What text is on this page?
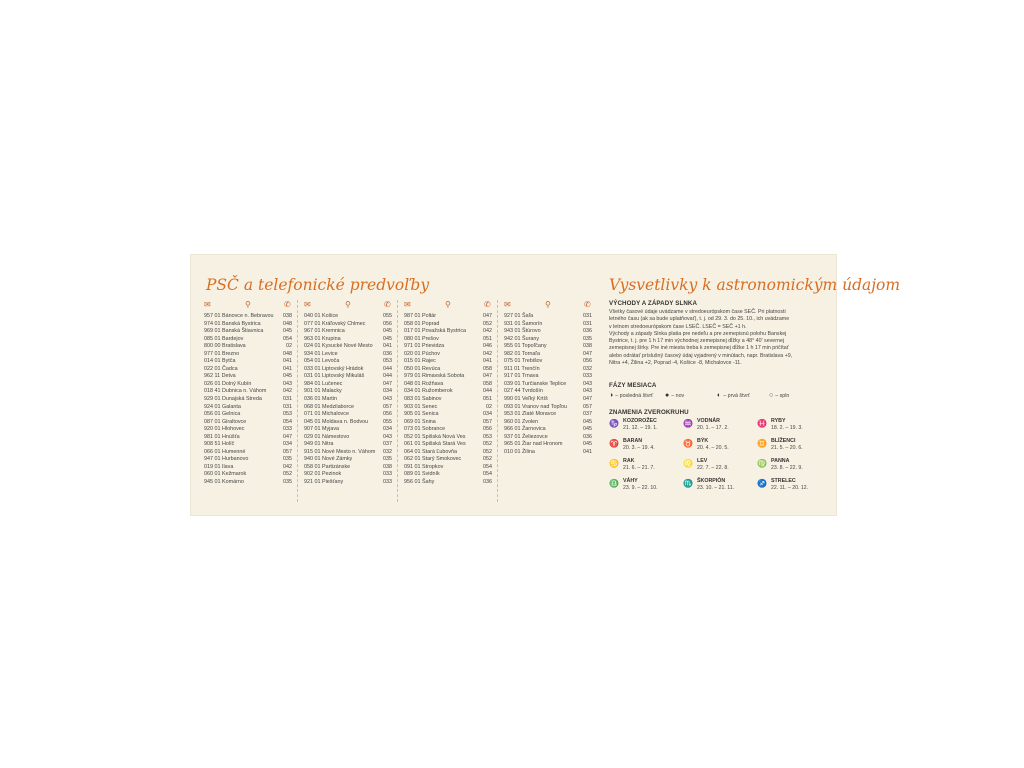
PSČ a telefonické predvoľby
✉	⚲	✆
957 01 Bánovce n. Bebravou 038
974 01 Banská Bystrica	048
969 01 Banská Štiavnica	045
085 01 Bardejov	054
800 00 Bratislava	02
977 01 Brezno	048
014 01 Bytča	041
022 01 Čadca	041
962 11 Detva	045
026 01 Dolný Kubín	043
018 41 Dubnica n. Váhom	042
929 01 Dunajská Streda	031
924 01 Galanta	031
056 01 Gelnica	053
087 01 Giraltovce	054
920 01 Hlohovec	033
981 01 Hnúšťa	047
908 51 Holíč	034
066 01 Humenné	057
947 01 Hurbanovo	035
019 01 Ilava	042
060 01 Kežmarok	052
945 01 Komárno	035
✉	⚲	✆
040 01 Košice	055
077 01 Kráľovský Chlmec	056
967 01 Kremnica	045
963 01 Krupina	045
024 01 Kysucké Nové Mesto 041
934 01 Levice	036
054 01 Levoča	053
033 01 Liptovský Hrádok	044
031 01 Liptovský Mikuláš	044
984 01 Lučenec	047
901 01 Malacky	034
036 01 Martin	043
068 01 Medzilaborce	057
071 01 Michalovce	056
045 01 Moldava n. Bodvou	055
907 01 Myjava	034
029 01 Námestovo	043
949 01 Nitra	037
915 01 Nové Mesto n. Váhom 032
940 01 Nové Zámky	035
058 01 Partizánske	038
902 01 Pezinok	033
921 01 Piešťany	033
✉	⚲	✆
987 01 Poltár	047
058 01 Poprad	052
017 01 Považská Bystrica	042
080 01 Prešov	051
971 01 Prievidza	046
020 01 Púchov	042
015 01 Rajec	041
050 01 Revúca	058
979 01 Rimavská Sobota	047
048 01 Rožňava	058
034 01 Ružomberok	044
083 01 Sabinov	051
903 01 Senec	02
905 01 Senica	034
069 01 Snina	057
073 01 Sobrance	056
052 01 Spišská Nová Ves	053
061 01 Spišská Stará Ves	052
064 01 Stará Ľubovňa	052
062 01 Starý Smokovec	052
091 01 Stropkov	054
089 01 Svidník	054
956 01 Šahy	036
✉	⚲	✆
927 01 Šaľa	031
931 01 Šamorín	031
943 01 Štúrovo	036
942 01 Šurany	035
955 01 Topoľčany	038
982 01 Tornaľa	047
075 01 Trebišov	056
911 01 Trenčín	032
917 01 Trnava	033
039 01 Turčianske Teplice	043
027 44 Tvrdošín	043
990 01 Veľký Krtíš	047
093 01 Vranov nad Topľou	057
953 01 Zlaté Moravce	037
960 01 Zvolen	045
966 01 Žarnovica	045
937 01 Želiezovce	036
965 01 Žiar nad Hronom	045
010 01 Žilina	041
Vysvetlivky k astronomickým údajom
VÝCHODY A ZÁPADY SLNKA

Všetky časové údaje uvádzame v stredoeurópskom čase SEČ. Pri platnosti

letného času (ak sa bude uplatňovať), t. j. od 29. 3. do 25. 10., ich uvádzame

v letnom stredoeurópskom čase LSEČ. LSEČ = SEČ +1 h.

Východy a západy Slnka platia pre nedeľu a pre zemepisnú polohu Banskej

Bystrice, t. j. pre 1 h 17 min východnej zemepisnej dĺžky a 48° 40' severnej

zemepisnej šírky. Pre iné miesta treba k zemepisnej dĺžke 1 h 17 min pričítať

alebo odrátať príslušný časový údaj vyjadrený v minútach, napr. Bratislava +9,

Nitra +4, Žilina +2, Poprad -4, Košice -8, Michalovce -11.

FÁZY MESIACA
◑ – posledná štvrť ● – nov	◐ – prvá štvrť	○ – spln
ZNAMENIA ZVEROKRUHU
♑ KOZOROŽEC
21. 12. – 19. 1.	♒ VODNÁR
20. 1. – 17. 2.	♓ RYBY
18. 2. – 19. 3.
♈ BARAN
20. 3. – 19. 4.	♉ BÝK
20. 4. – 20. 5.	♊ BLÍŽENCI
21. 5. – 20. 6.
♋ RAK
21. 6. – 21. 7.	♌ LEV
22. 7. – 22. 8.	♍ PANNA
23. 8. – 22. 9.
♎ VÁHY
23. 9. – 22. 10.	♏ ŠKORPIÓN
23. 10. – 21. 11.	♐ STRELEC
22. 11. – 20. 12.
